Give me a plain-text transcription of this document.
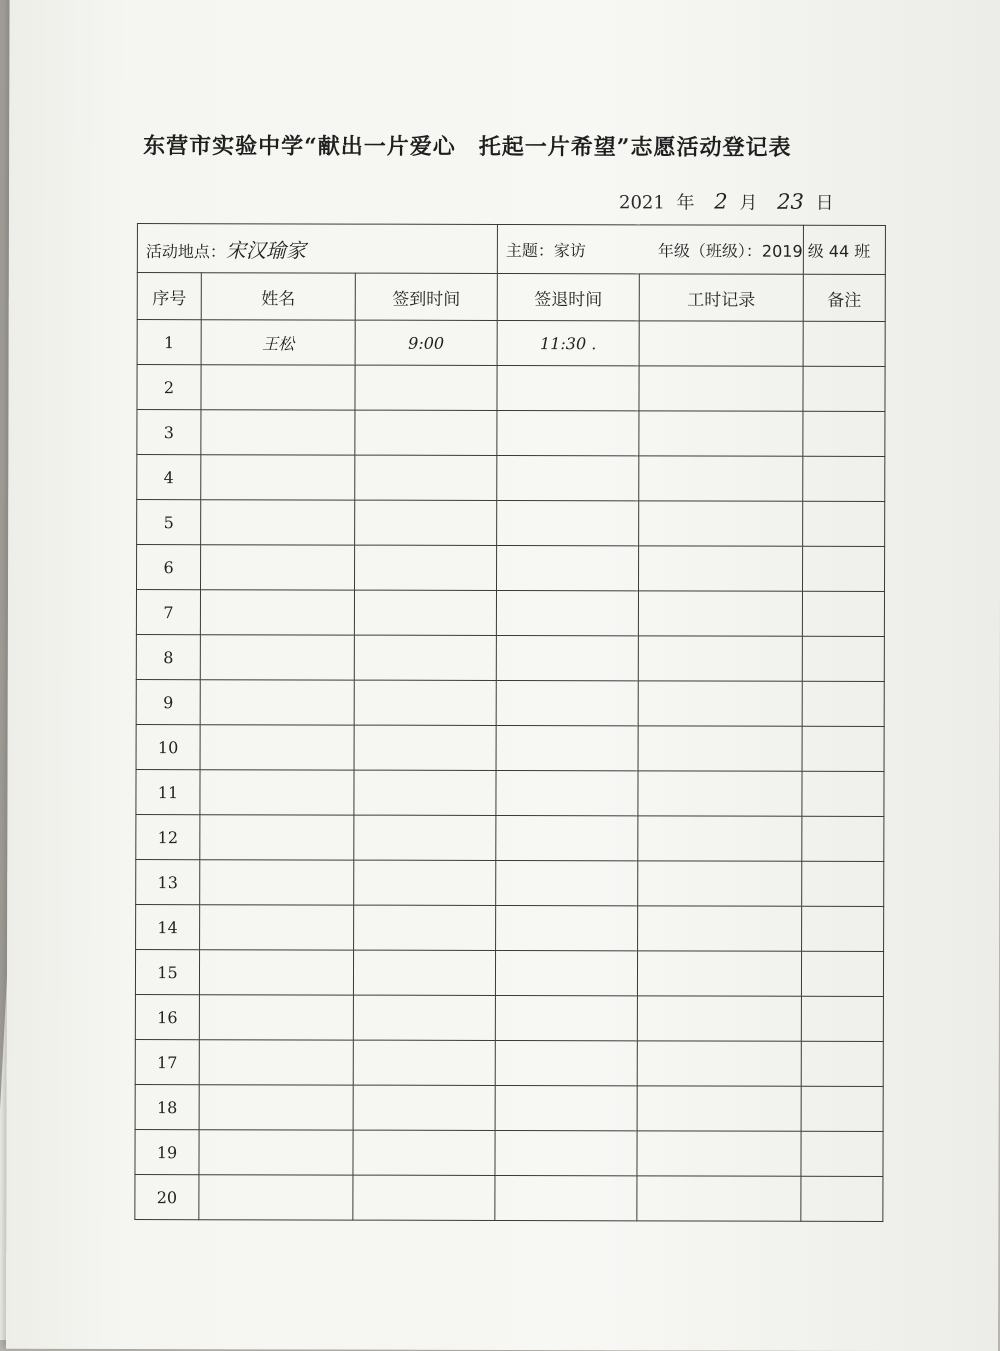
东营市实验中学“献出一片爱心　托起一片希望”志愿活动登记表
2021 年 2 月 23 日
活动地点：宋汉瑜家			主题：家访		年级（班级）：2019 级 44 班
序号	姓名	签到时间	签退时间	工时记录	备注
1	王松	9:00	11:30 .		
2					
3					
4					
5					
6					
7					
8					
9					
10					
11					
12					
13					
14					
15					
16					
17					
18					
19					
20					
